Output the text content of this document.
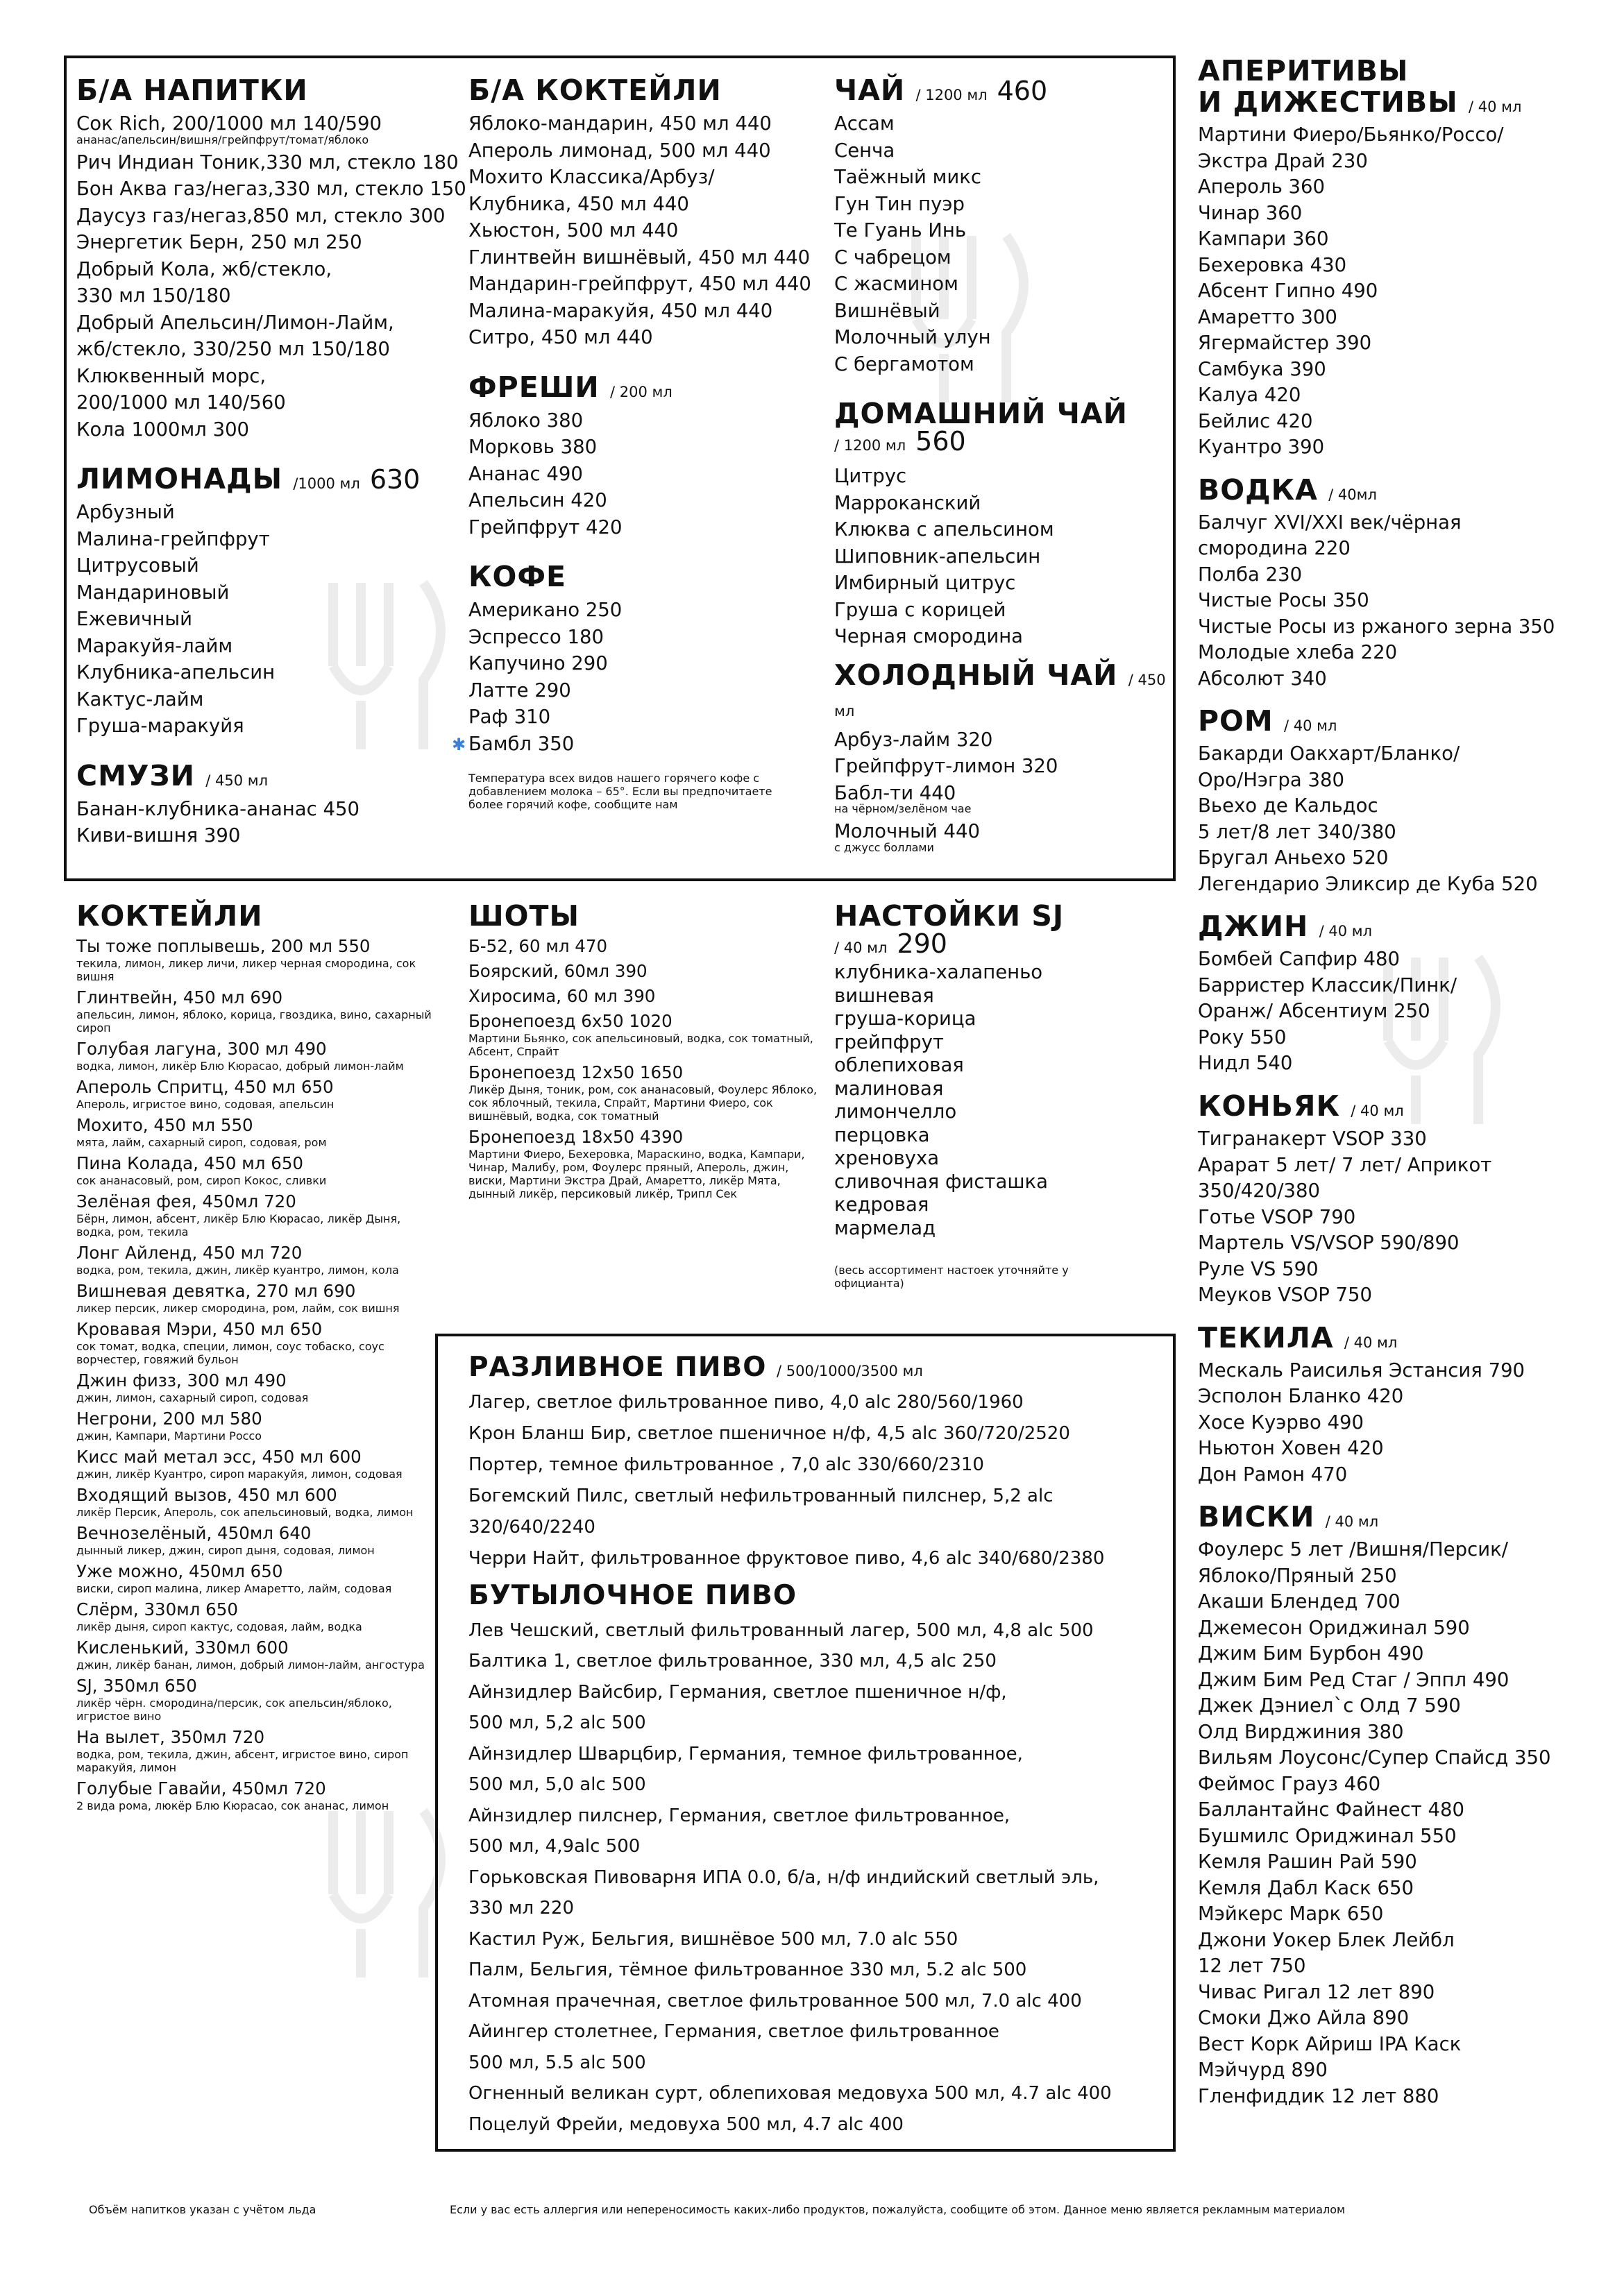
Б/А НАПИТКИ
Сок Rich, 200/1000 мл 140/590
ананас/апельсин/вишня/грейпфрут/томат/яблоко
Рич Индиан Тоник,330 мл, стекло 180
Бон Аква газ/негаз,330 мл, стекло 150
Даусуз газ/негаз,850 мл, стекло 300
Энергетик Берн, 250 мл 250
Добрый Кола, жб/стекло,
330 мл 150/180
Добрый Апельсин/Лимон-Лайм,
жб/стекло, 330/250 мл 150/180
Клюквенный морс,
200/1000 мл 140/560
Кола 1000мл 300
ЛИМОНАДЫ /1000 мл 630
Арбузный
Малина-грейпфрут
Цитрусовый
Мандариновый
Ежевичный
Маракуйя-лайм
Клубника-апельсин
Кактус-лайм
Груша-маракуйя
СМУЗИ / 450 мл
Банан-клубника-ананас 450
Киви-вишня 390
Б/А КОКТЕЙЛИ
Яблоко-мандарин, 450 мл 440
Апероль лимонад, 500 мл 440
Мохито Классика/Арбуз/
Клубника, 450 мл 440
Хьюстон, 500 мл 440
Глинтвейн вишнёвый, 450 мл 440
Мандарин-грейпфрут, 450 мл 440
Малина-маракуйя, 450 мл 440
Ситро, 450 мл 440
ФРЕШИ / 200 мл
Яблоко 380
Морковь 380
Ананас 490
Апельсин 420
Грейпфрут 420
КОФЕ
Американо 250
Эспрессо 180
Капучино 290
Латте 290
Раф 310
✱ Бамбл 350
Температура всех видов нашего горячего кофе с добавлением молока – 65°. Если вы предпочитаете более горячий кофе, сообщите нам
ЧАЙ / 1200 мл 460
Ассам
Сенча
Таёжный микс
Гун Тин пуэр
Те Гуань Инь
С чабрецом
С жасмином
Вишнёвый
Молочный улун
С бергамотом
ДОМАШНИЙ ЧАЙ
/ 1200 мл 560
Цитрус
Марроканский
Клюква с апельсином
Шиповник-апельсин
Имбирный цитрус
Груша с корицей
Черная смородина
ХОЛОДНЫЙ ЧАЙ / 450 мл
Арбуз-лайм 320
Грейпфрут-лимон 320
Бабл-ти 440
на чёрном/зелёном чае
Молочный 440
с джусс боллами
АПЕРИТИВЫ
И ДИЖЕСТИВЫ / 40 мл
Мартини Фиеро/Бьянко/Россо/
Экстра Драй 230
Апероль 360
Чинар 360
Кампари 360
Бехеровка 430
Абсент Гипно 490
Амаретто 300
Ягермайстер 390
Самбука 390
Калуа 420
Бейлис 420
Куантро 390
ВОДКА / 40мл
Балчуг XVI/XXI век/чёрная
смородина 220
Полба 230
Чистые Росы 350
Чистые Росы из ржаного зерна 350
Молодые хлеба 220
Абсолют 340
РОМ / 40 мл
Бакарди Оакхарт/Бланко/
Оро/Нэгра 380
Вьехо де Кальдос
5 лет/8 лет 340/380
Бругал Аньехо 520
Легендарио Эликсир де Куба 520
ДЖИН / 40 мл
Бомбей Сапфир 480
Барристер Классик/Пинк/
Оранж/ Абсентиум 250
Року 550
Нидл 540
КОНЬЯК / 40 мл
Тигранакерт VSOP 330
Арарат 5 лет/ 7 лет/ Априкот
350/420/380
Готье VSOP 790
Мартель VS/VSOP 590/890
Руле VS 590
Меуков VSOP 750
ТЕКИЛА / 40 мл
Мескаль Раисилья Эстансия 790
Эсполон Бланко 420
Хосе Куэрво 490
Ньютон Ховен 420
Дон Рамон 470
ВИСКИ / 40 мл
Фоулерс 5 лет /Вишня/Персик/
Яблоко/Пряный 250
Акаши Блендед 700
Джемесон Ориджинал 590
Джим Бим Бурбон 490
Джим Бим Ред Стаг / Эппл 490
Джек Дэниел`с Олд 7 590
Олд Вирджиния 380
Вильям Лоусонс/Супер Спайсд 350
Феймос Грауз 460
Баллантайнс Файнест 480
Бушмилс Ориджинал 550
Кемля Рашин Рай 590
Кемля Дабл Каск 650
Мэйкерс Марк 650
Джони Уокер Блек Лейбл
12 лет 750
Чивас Ригал 12 лет 890
Смоки Джо Айла 890
Вест Корк Айриш IPA Каск
Мэйчурд 890
Гленфиддик 12 лет 880
КОКТЕЙЛИ
Ты тоже поплывешь, 200 мл 550
текила, лимон, ликер личи, ликер черная смородина, сок вишня
Глинтвейн, 450 мл 690
апельсин, лимон, яблоко, корица, гвоздика, вино, сахарный сироп
Голубая лагуна, 300 мл 490
водка, лимон, ликёр Блю Кюрасао, добрый лимон-лайм
Апероль Спритц, 450 мл 650
Апероль, игристое вино, содовая, апельсин
Мохито, 450 мл 550
мята, лайм, сахарный сироп, содовая, ром
Пина Колада, 450 мл 650
сок ананасовый, ром, сироп Кокос, сливки
Зелёная фея, 450мл 720
Бёрн, лимон, абсент, ликёр Блю Кюрасао, ликёр Дыня, водка, ром, текила
Лонг Айленд, 450 мл 720
водка, ром, текила, джин, ликёр куантро, лимон, кола
Вишневая девятка, 270 мл 690
ликер персик, ликер смородина, ром, лайм, сок вишня
Кровавая Мэри, 450 мл 650
сок томат, водка, специи, лимон, соус тобаско, соус ворчестер, говяжий бульон
Джин физз, 300 мл 490
джин, лимон, сахарный сироп, содовая
Негрони, 200 мл 580
джин, Кампари, Мартини Россо
Кисс май метал эсс, 450 мл 600
джин, ликёр Куантро, сироп маракуйя, лимон, содовая
Входящий вызов, 450 мл 600
ликёр Персик, Апероль, сок апельсиновый, водка, лимон
Вечнозелёный, 450мл 640
дынный ликер, джин, сироп дыня, содовая, лимон
Уже можно, 450мл 650
виски, сироп малина, ликер Амаретто, лайм, содовая
Слёрм, 330мл 650
ликёр дыня, сироп кактус, содовая, лайм, водка
Кисленький, 330мл 600
джин, ликёр банан, лимон, добрый лимон-лайм, ангостура
SJ, 350мл 650
ликёр чёрн. смородина/персик, сок апельсин/яблоко, игристое вино
На вылет, 350мл 720
водка, ром, текила, джин, абсент, игристое вино, сироп маракуйя, лимон
Голубые Гавайи, 450мл 720
2 вида рома, люкёр Блю Кюрасао, сок ананас, лимон
ШОТЫ
Б-52, 60 мл 470
Боярский, 60мл 390
Хиросима, 60 мл 390
Бронепоезд 6х50 1020
Мартини Бьянко, сок апельсиновый, водка, сок томатный, Абсент, Спрайт
Бронепоезд 12х50 1650
Ликёр Дыня, тоник, ром, сок ананасовый, Фоулерс Яблоко, сок яблочный, текила, Спрайт, Мартини Фиеро, сок вишнёвый, водка, сок томатный
Бронепоезд 18х50 4390
Мартини Фиеро, Бехеровка, Мараскино, водка, Кампари, Чинар, Малибу, ром, Фоулерс пряный, Апероль, джин, виски, Мартини Экстра Драй, Амаретто, ликёр Мята, дынный ликёр, персиковый ликёр, Трипл Сек
НАСТОЙКИ SJ
/ 40 мл 290
клубника-халапеньо
вишневая
груша-корица
грейпфрут
облепиховая
малиновая
лимончелло
перцовка
хреновуха
сливочная фисташка
кедровая
мармелад
(весь ассортимент настоек уточняйте у официанта)
РАЗЛИВНОЕ ПИВО / 500/1000/3500 мл
Лагер, светлое фильтрованное пиво, 4,0 alc 280/560/1960
Крон Бланш Бир, светлое пшеничное н/ф, 4,5 alc 360/720/2520
Портер, темное фильтрованное , 7,0 alc 330/660/2310
Богемский Пилс, светлый нефильтрованный пилснер, 5,2 alc
320/640/2240
Черри Найт, фильтрованное фруктовое пиво, 4,6 alc 340/680/2380
БУТЫЛОЧНОЕ ПИВО
Лев Чешский, светлый фильтрованный лагер, 500 мл, 4,8 alc 500
Балтика 1, светлое фильтрованное, 330 мл, 4,5 alc 250
Айнзидлер Вайсбир, Германия, светлое пшеничное н/ф,
500 мл, 5,2 alc 500
Айнзидлер Шварцбир, Германия, темное фильтрованное,
500 мл, 5,0 alc 500
Айнзидлер пилснер, Германия, светлое фильтрованное,
500 мл, 4,9alc 500
Горьковская Пивоварня ИПА 0.0, б/а, н/ф индийский светлый эль,
330 мл 220
Кастил Руж, Бельгия, вишнёвое 500 мл, 7.0 alc 550
Палм, Бельгия, тёмное фильтрованное 330 мл, 5.2 alc 500
Атомная прачечная, светлое фильтрованное 500 мл, 7.0 alc 400
Айингер столетнее, Германия, светлое фильтрованное
500 мл, 5.5 alc 500
Огненный великан сурт, облепиховая медовуха 500 мл, 4.7 alc 400
Поцелуй Фрейи, медовуха 500 мл, 4.7 alc 400
Объём напитков указан с учётом льда	Если у вас есть аллергия или непереносимость каких-либо продуктов, пожалуйста, сообщите об этом. Данное меню является рекламным материалом
